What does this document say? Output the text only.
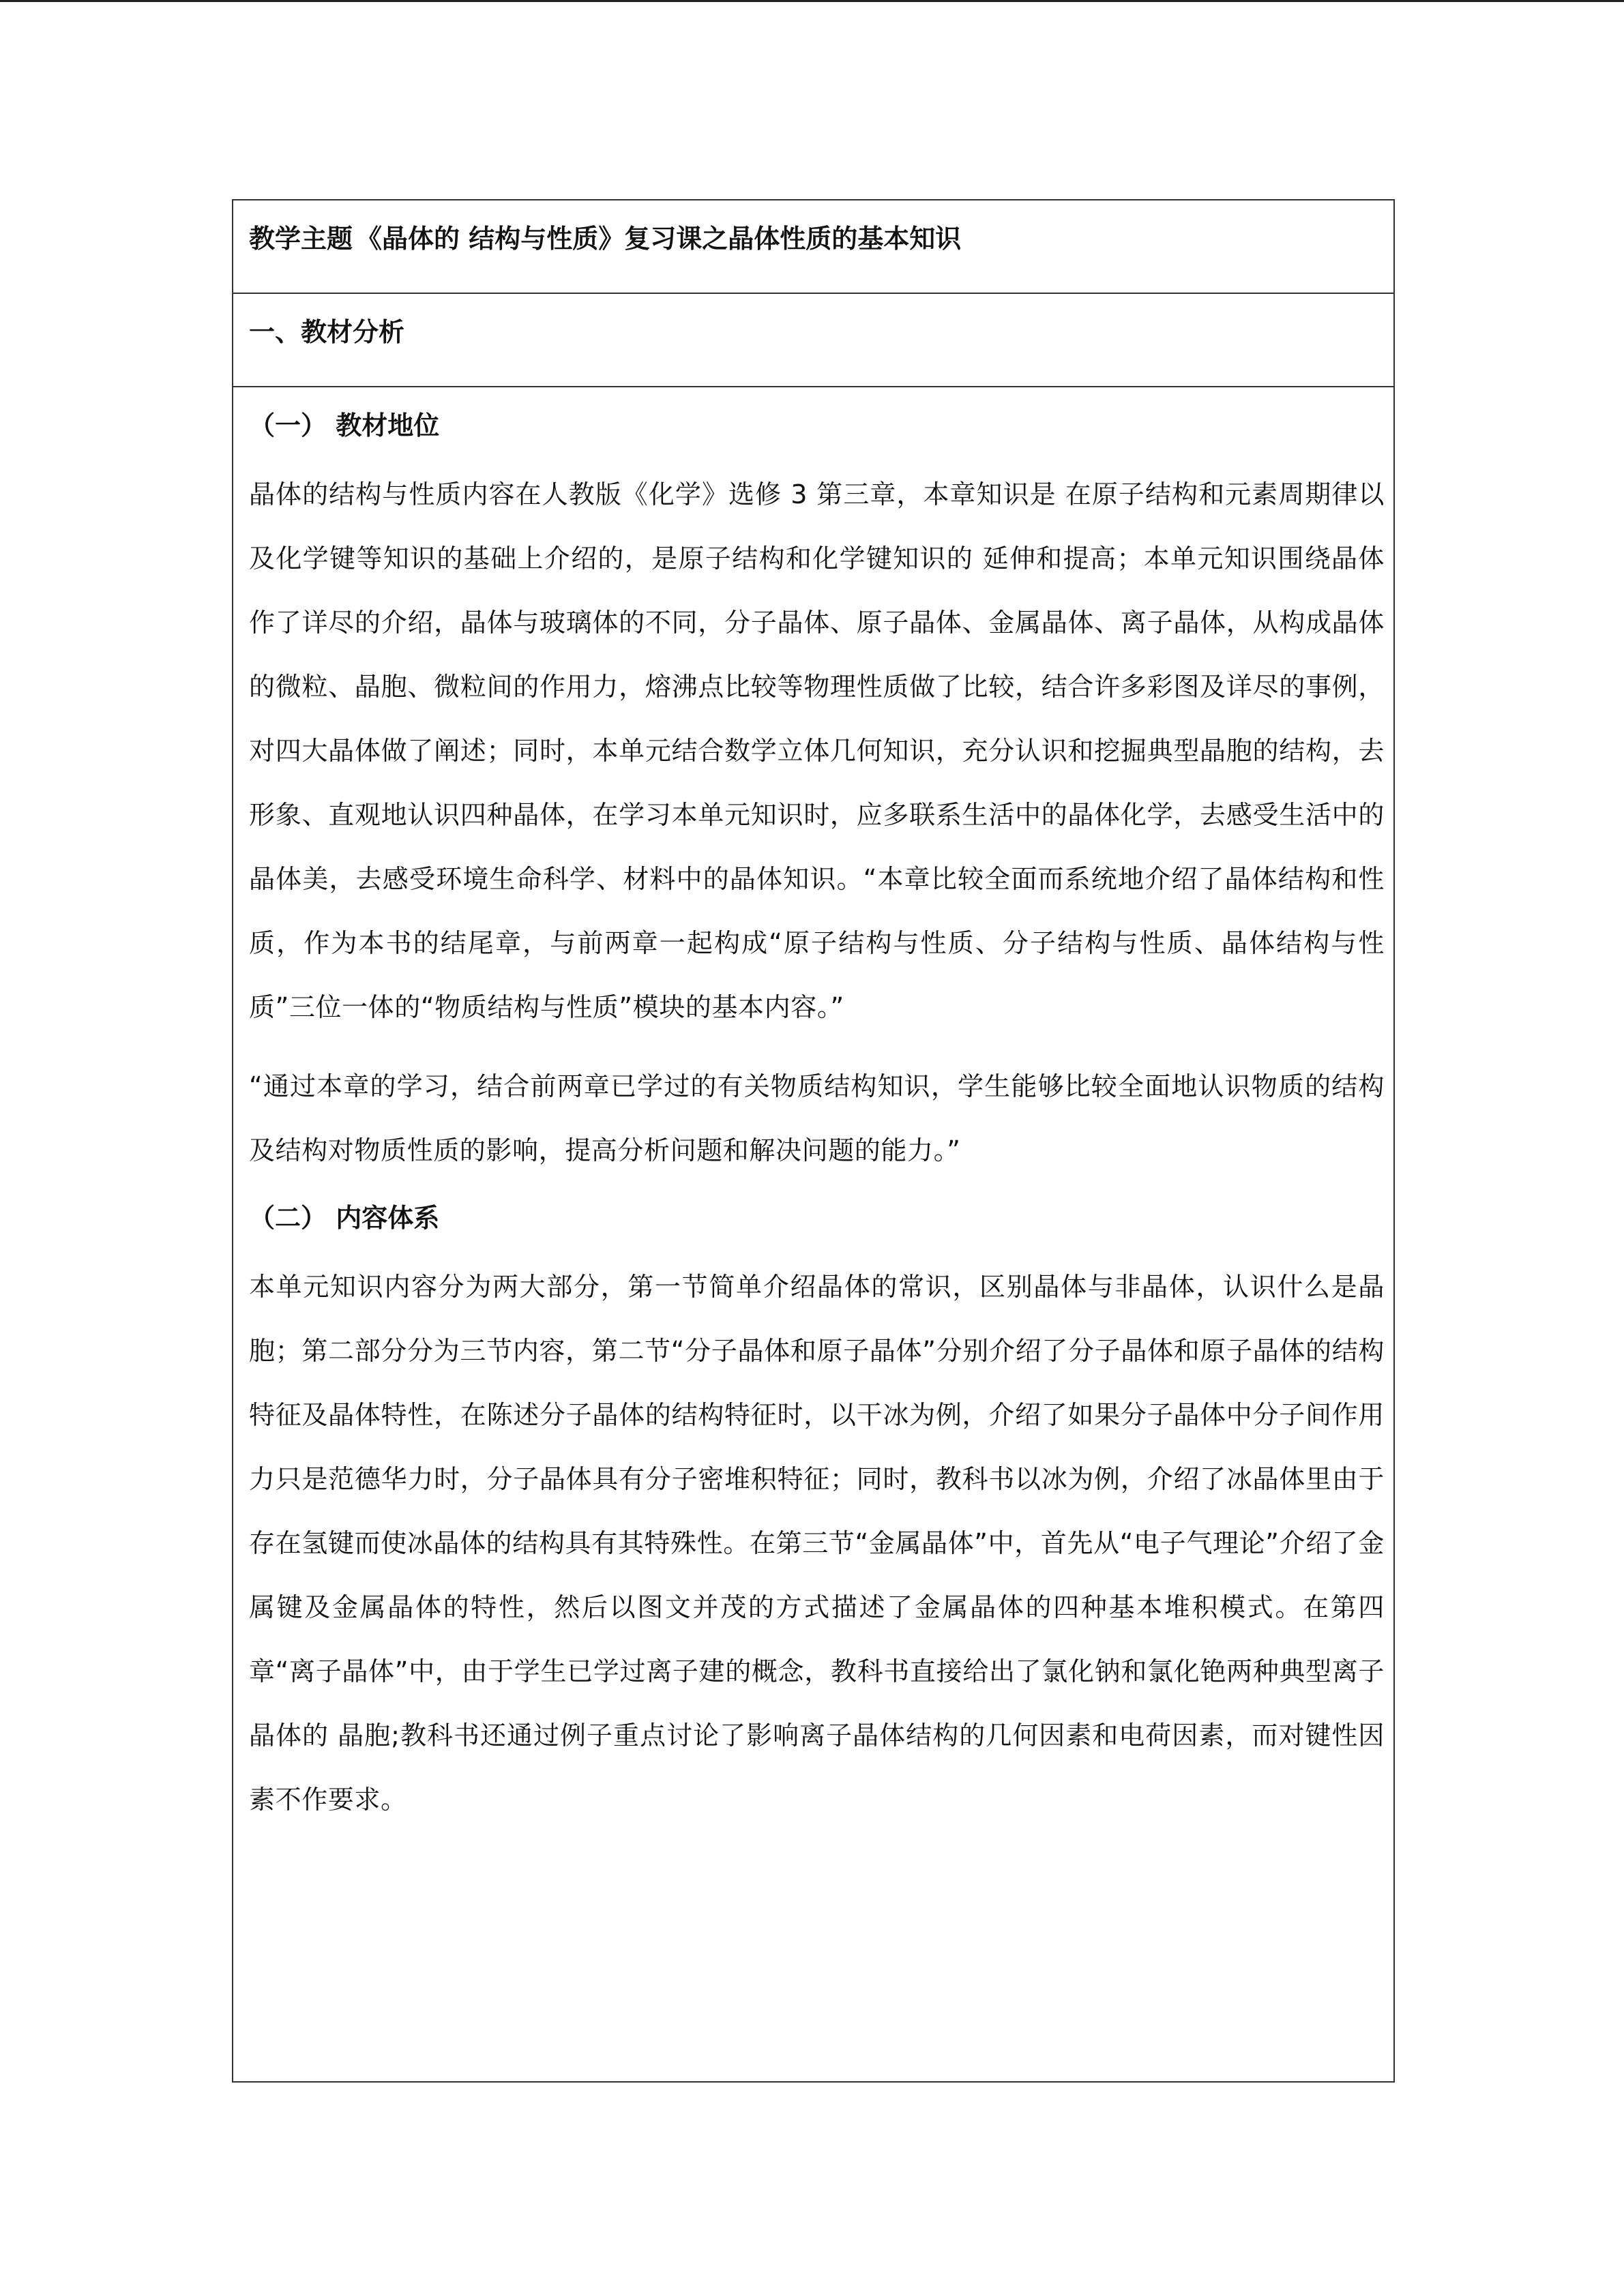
教学主题 《晶体的 结构与性质》复习课之晶体性质的基本知识
一、教材分析

（一） 教材地位

晶体的结构与性质内容在人教版《化学》选修 3 第三章，本章知识是 在原子结构和元素周期律以及化学键等知识的基础上介绍的，是原子结构和化学键知识的 延伸和提高；本单元知识围绕晶体作了详尽的介绍，晶体与玻璃体的不同，分子晶体、原子晶体、金属晶体、离子晶体，从构成晶体的微粒、晶胞、微粒间的作用力，熔沸点比较等物理性质做了比较，结合许多彩图及详尽的事例，对四大晶体做了阐述；同时，本单元结合数学立体几何知识，充分认识和挖掘典型晶胞的结构，去形象、直观地认识四种晶体，在学习本单元知识时，应多联系生活中的晶体化学，去感受生活中的晶体美，去感受环境生命科学、材料中的晶体知识。“本章比较全面而系统地介绍了晶体结构和性质，作为本书的结尾章，与前两章一起构成“原子结构与性质、分子结构与性质、晶体结构与性质”三位一体的“物质结构与性质”模块的基本内容。”

“通过本章的学习，结合前两章已学过的有关物质结构知识，学生能够比较全面地认识物质的结构及结构对物质性质的影响，提高分析问题和解决问题的能力。”

（二） 内容体系

本单元知识内容分为两大部分，第一节简单介绍晶体的常识，区别晶体与非晶体，认识什么是晶胞；第二部分分为三节内容，第二节“分子晶体和原子晶体”分别介绍了分子晶体和原子晶体的结构特征及晶体特性，在陈述分子晶体的结构特征时，以干冰为例，介绍了如果分子晶体中分子间作用力只是范德华力时，分子晶体具有分子密堆积特征；同时，教科书以冰为例，介绍了冰晶体里由于存在氢键而使冰晶体的结构具有其特殊性。在第三节“金属晶体”中，首先从“电子气理论”介绍了金属键及金属晶体的特性，然后以图文并茂的方式描述了金属晶体的四种基本堆积模式。在第四章“离子晶体”中，由于学生已学过离子建的概念，教科书直接给出了氯化钠和氯化铯两种典型离子晶体的 晶胞;教科书还通过例子重点讨论了影响离子晶体结构的几何因素和电荷因素，而对键性因素不作要求。
